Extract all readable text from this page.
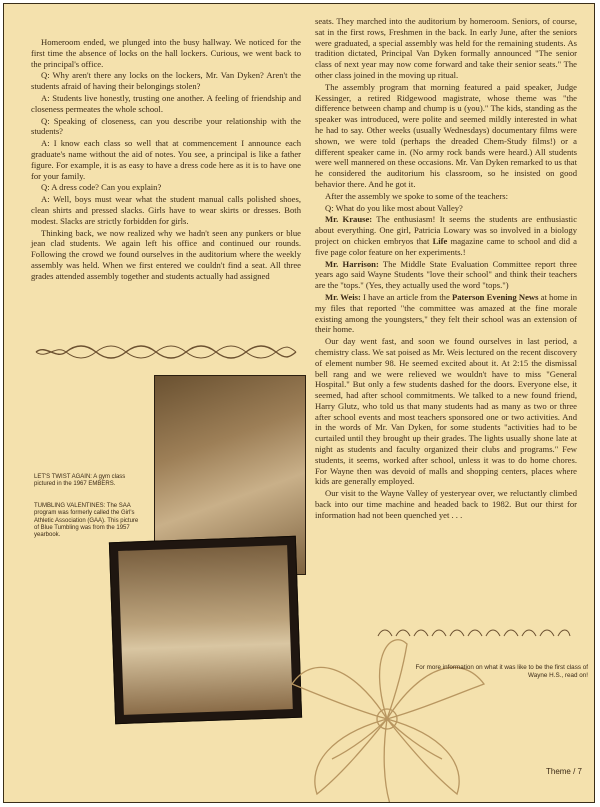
Homeroom ended, we plunged into the busy hallway. We noticed for the first time the absence of locks on the hall lockers. Curious, we went back to the principal's office.

Q: Why aren't there any locks on the lockers, Mr. Van Dyken? Aren't the students afraid of having their belongings stolen?

A: Students live honestly, trusting one another. A feeling of friendship and closeness permeates the whole school.

Q: Speaking of closeness, can you describe your relationship with the students?

A: I know each class so well that at commencement I announce each graduate's name without the aid of notes. You see, a principal is like a father figure. For example, it is as easy to have a dress code here as it is to have one for your family.

Q: A dress code? Can you explain?

A: Well, boys must wear what the student manual calls polished shoes, clean shirts and pressed slacks. Girls have to wear skirts or dresses. Both modest. Slacks are strictly forbidden for girls.

Thinking back, we now realized why we hadn't seen any punkers or blue jean clad students. We again left his office and continued our rounds. Following the crowd we found ourselves in the auditorium where the weekly assembly was held. When we first entered we couldn't find a seat. All three grades attended assembly together and students actually had assigned

seats. They marched into the auditorium by homeroom. Seniors, of course, sat in the first rows, Freshmen in the back. In early June, after the seniors were graduated, a special assembly was held for the remaining students. As tradition dictated, Principal Van Dyken formally announced "The senior class of next year may now come forward and take their senior seats." The other class joined in the moving up ritual.

The assembly program that morning featured a paid speaker, Judge Kessinger, a retired Ridgewood magistrate, whose theme was "the difference between champ and chump is u (you)." The kids, standing as the speaker was introduced, were polite and seemed mildly interested in what he had to say. Other weeks (usually Wednesdays) documentary films were shown, we were told (perhaps the dreaded Chem-Study films!) or a different speaker came in. (No army rock bands were heard.) All students were well mannered on these occasions. Mr. Van Dyken remarked to us that he considered the auditorium his classroom, so he insisted on good behavior there. And he got it.

After the assembly we spoke to some of the teachers:

Q: What do you like most about Valley?

Mr. Krause: The enthusiasm! It seems the students are enthusiastic about everything. One girl, Patricia Lowary was so involved in a biology project on chicken embryos that Life magazine came to school and did a five page color feature on her experiments.!

Mr. Harrison: The Middle State Evaluation Committee report three years ago said Wayne Students "love their school" and think their teachers are the "tops." (Yes, they actually used the word "tops.")

Mr. Weis: I have an article from the Paterson Evening News at home in my files that reported "the committee was amazed at the fine morale existing among the youngsters," they felt their school was an extension of their home.

Our day went fast, and soon we found ourselves in last period, a chemistry class. We sat poised as Mr. Weis lectured on the recent discovery of element number 98. He seemed excited about it. At 2:15 the dismissal bell rang and we were relieved we wouldn't have to miss "General Hospital." But only a few students dashed for the doors. Everyone else, it seemed, had after school commitments. We talked to a new found friend, Harry Glutz, who told us that many students had as many as two or three after school events and most teachers sponsored one or two activities. And in the words of Mr. Van Dyken, for some students "activities had to be curtailed until they brought up their grades. The lights usually shone late at night as students and faculty organized their clubs and programs." Few students, it seems, worked after school, unless it was to do home chores. For Wayne then was devoid of malls and shopping centers, places where kids are generally employed.

Our visit to the Wayne Valley of yesteryear over, we reluctantly climbed back into our time machine and headed back to 1982. But our thirst for information had not been quenched yet . . .

LET'S TWIST AGAIN: A gym class pictured in the 1967 EMBERS.

TUMBLING VALENTINES: The SAA program was formerly called the Girl's Athletic Association (GAA). This picture of Blue Tumbling was from the 1957 yearbook.

For more information on what it was like to be the first class of Wayne H.S., read on!
Theme / 7
